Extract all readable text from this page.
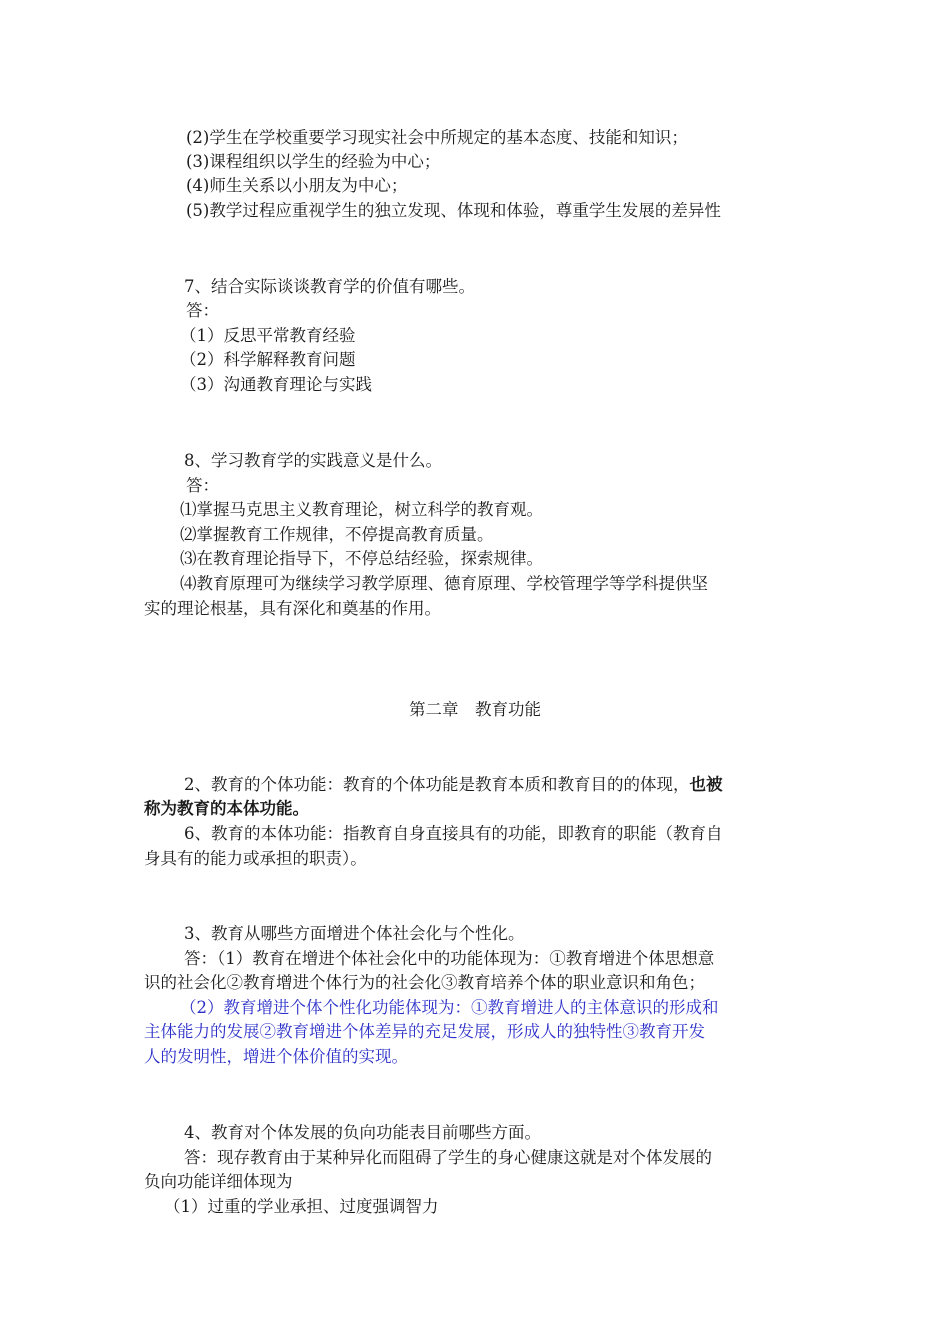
(2)学生在学校重要学习现实社会中所规定的基本态度、技能和知识；
(3)课程组织以学生的经验为中心；
(4)师生关系以小朋友为中心；
(5)教学过程应重视学生的独立发现、体现和体验，尊重学生发展的差异性
7、结合实际谈谈教育学的价值有哪些。
答：
（1）反思平常教育经验
（2）科学解释教育问题
（3）沟通教育理论与实践
8、学习教育学的实践意义是什么。
答：
⑴掌握马克思主义教育理论，树立科学的教育观。
⑵掌握教育工作规律，不停提高教育质量。
⑶在教育理论指导下，不停总结经验，探索规律。
⑷教育原理可为继续学习教学原理、德育原理、学校管理学等学科提供坚
实的理论根基，具有深化和奠基的作用。
第二章　教育功能
2、教育的个体功能：教育的个体功能是教育本质和教育目的的体现，也被
称为教育的本体功能。
6、教育的本体功能：指教育自身直接具有的功能，即教育的职能（教育自
身具有的能力或承担的职责）。
3、教育从哪些方面增进个体社会化与个性化。
答：（1）教育在增进个体社会化中的功能体现为：①教育增进个体思想意
识的社会化②教育增进个体行为的社会化③教育培养个体的职业意识和角色；
（2）教育增进个体个性化功能体现为：①教育增进人的主体意识的形成和
主体能力的发展②教育增进个体差异的充足发展，形成人的独特性③教育开发
人的发明性，增进个体价值的实现。
4、教育对个体发展的负向功能表目前哪些方面。
答：现存教育由于某种异化而阻碍了学生的身心健康这就是对个体发展的
负向功能详细体现为
（1）过重的学业承担、过度强调智力
